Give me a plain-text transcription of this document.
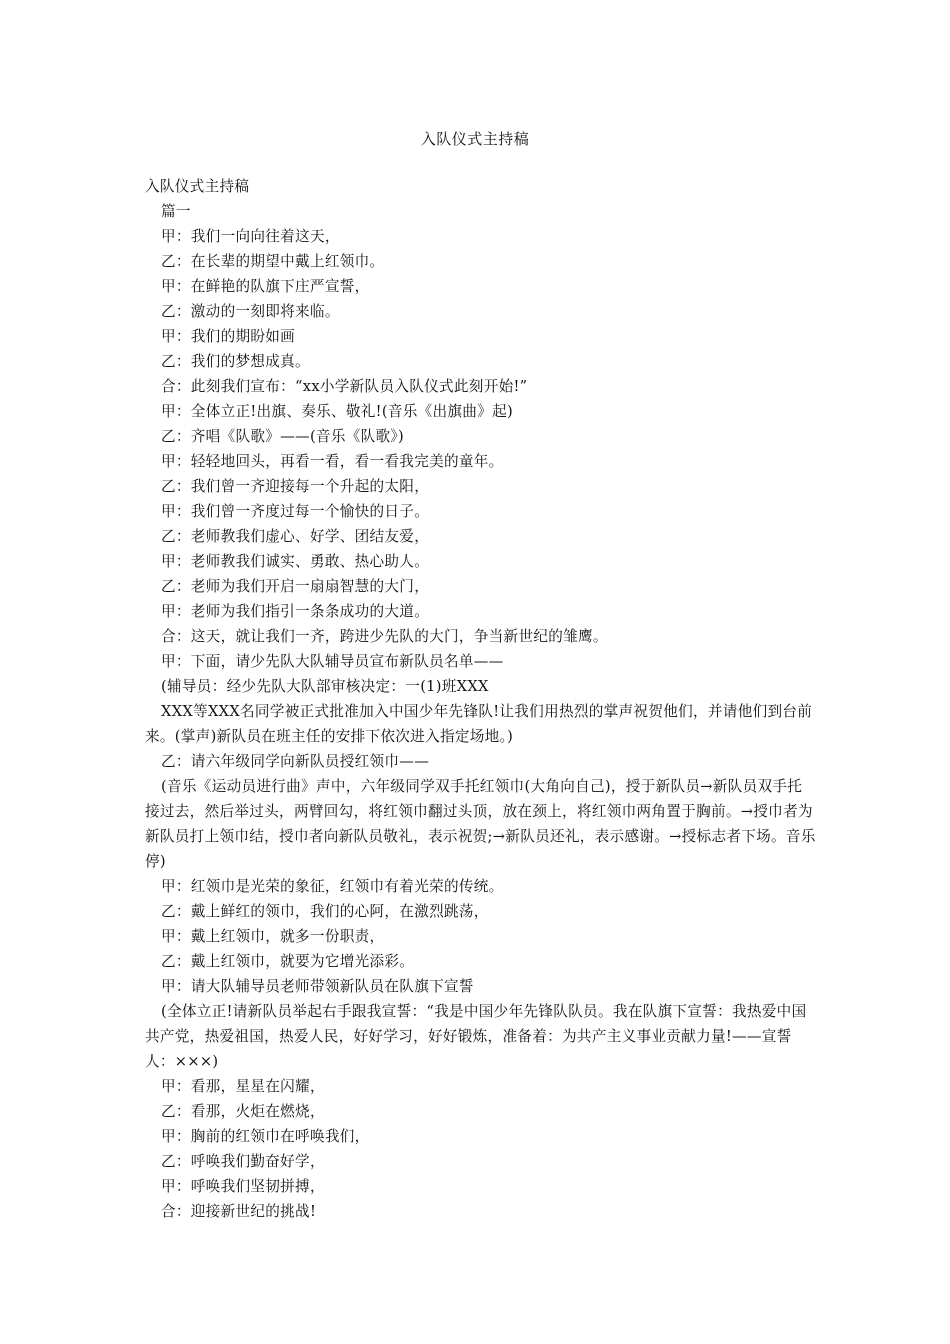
入队仪式主持稿

入队仪式主持稿

篇一

甲：我们一向向往着这天，

乙：在长辈的期望中戴上红领巾。

甲：在鲜艳的队旗下庄严宣誓，

乙：激动的一刻即将来临。

甲：我们的期盼如画

乙：我们的梦想成真。

合：此刻我们宣布：“xx小学新队员入队仪式此刻开始!”

甲：全体立正!出旗、奏乐、敬礼!(音乐《出旗曲》起)

乙：齐唱《队歌》——(音乐《队歌》)

甲：轻轻地回头，再看一看，看一看我完美的童年。

乙：我们曾一齐迎接每一个升起的太阳，

甲：我们曾一齐度过每一个愉快的日子。

乙：老师教我们虚心、好学、团结友爱，

甲：老师教我们诚实、勇敢、热心助人。

乙：老师为我们开启一扇扇智慧的大门，

甲：老师为我们指引一条条成功的大道。

合：这天，就让我们一齐，跨进少先队的大门，争当新世纪的雏鹰。

甲：下面，请少先队大队辅导员宣布新队员名单——

(辅导员：经少先队大队部审核决定：一(1)班XXX

XXX等XXX名同学被正式批准加入中国少年先锋队!让我们用热烈的掌声祝贺他们，并请他们到台前来。(掌声)新队员在班主任的安排下依次进入指定场地。)

乙：请六年级同学向新队员授红领巾——

(音乐《运动员进行曲》声中，六年级同学双手托红领巾(大角向自己)，授于新队员→新队员双手托接过去，然后举过头，两臂回勾，将红领巾翻过头顶，放在颈上，将红领巾两角置于胸前。→授巾者为新队员打上领巾结，授巾者向新队员敬礼，表示祝贺;→新队员还礼，表示感谢。→授标志者下场。音乐停)

甲：红领巾是光荣的象征，红领巾有着光荣的传统。

乙：戴上鲜红的领巾，我们的心阿，在激烈跳荡，

甲：戴上红领巾，就多一份职责，

乙：戴上红领巾，就要为它增光添彩。

甲：请大队辅导员老师带领新队员在队旗下宣誓

(全体立正!请新队员举起右手跟我宣誓：“我是中国少年先锋队队员。我在队旗下宣誓：我热爱中国共产党，热爱祖国，热爱人民，好好学习，好好锻炼，准备着：为共产主义事业贡献力量!——宣誓人：×××)

甲：看那，星星在闪耀，

乙：看那，火炬在燃烧，

甲：胸前的红领巾在呼唤我们，

乙：呼唤我们勤奋好学，

甲：呼唤我们坚韧拼搏，

合：迎接新世纪的挑战!
